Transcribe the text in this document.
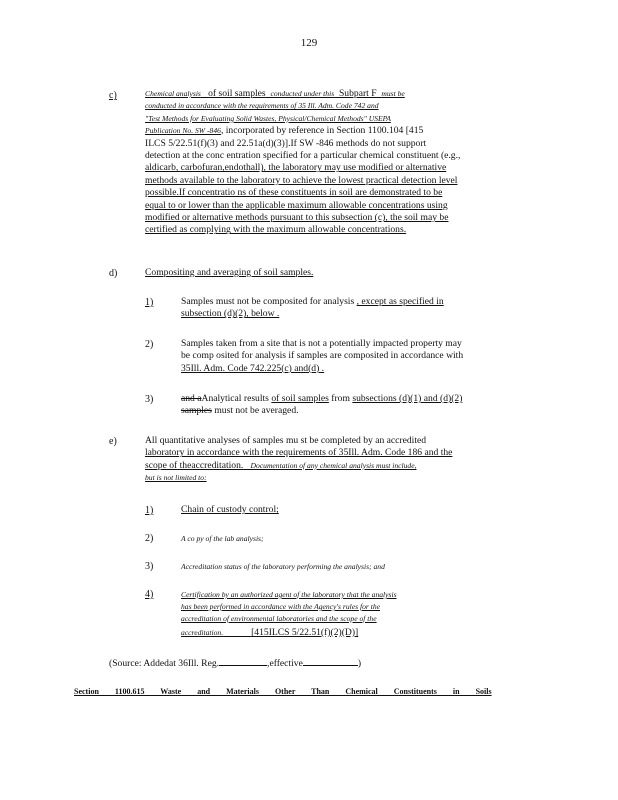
129
c)	Chemical analysis of soil samples conducted under this Subpart F must be
conducted in accordance with the requirements of 35 Ill. Adm. Code 742 and
"Test Methods for Evaluating Solid Wastes, Physical/Chemical Methods" USEPA
Publication No. SW -846, incorporated by reference in Section 1100.104 [415
ILCS 5/22.51(f)(3) and 22.51a(d)(3)].If SW -846 methods do not support
detection at the conc entration specified for a particular chemical constituent (e.g.,
aldicarb, carbofuran,endothall), the laboratory may use modified or alternative
methods available to the laboratory to achieve the lowest practical detection level
possible.If concentratio ns of these constituents in soil are demonstrated to be
equal to or lower than the applicable maximum allowable concentrations using
modified or alternative methods pursuant to this subsection (c), the soil may be
certified as complying with the maximum allowable concentrations.
d)	Compositing and averaging of soil samples.
1)	Samples must not be composited for analysis , except as specified in
subsection (d)(2), below .
2)	Samples taken from a site that is not a potentially impacted property may
be comp osited for analysis if samples are composited in accordance with
35Ill. Adm. Code 742.225(c) and(d) .
3)	and aAnalytical results of soil samples from subsections (d)(1) and (d)(2)
samples must not be averaged.
e)	All quantitative analyses of samples mu st be completed by an accredited
laboratory in accordance with the requirements of 35Ill. Adm. Code 186 and the
scope of theaccreditation. Documentation of any chemical analysis must include,
but is not limited to:
1)	Chain of custody control;
2)	A co py of the lab analysis;
3)	Accreditation status of the laboratory performing the analysis; and
4)	Certification by an authorized agent of the laboratory that the analysis
has been performed in accordance with the Agency's rules for the
accreditation of environmental laboratories and the scope of the
accreditation.	[415ILCS 5/22.51(f)(2)(D)]
(Source: Addedat 36Ill. Reg.	,effective	)
Section 1100.615 Waste and Materials Other Than Chemical Constituents in Soils
